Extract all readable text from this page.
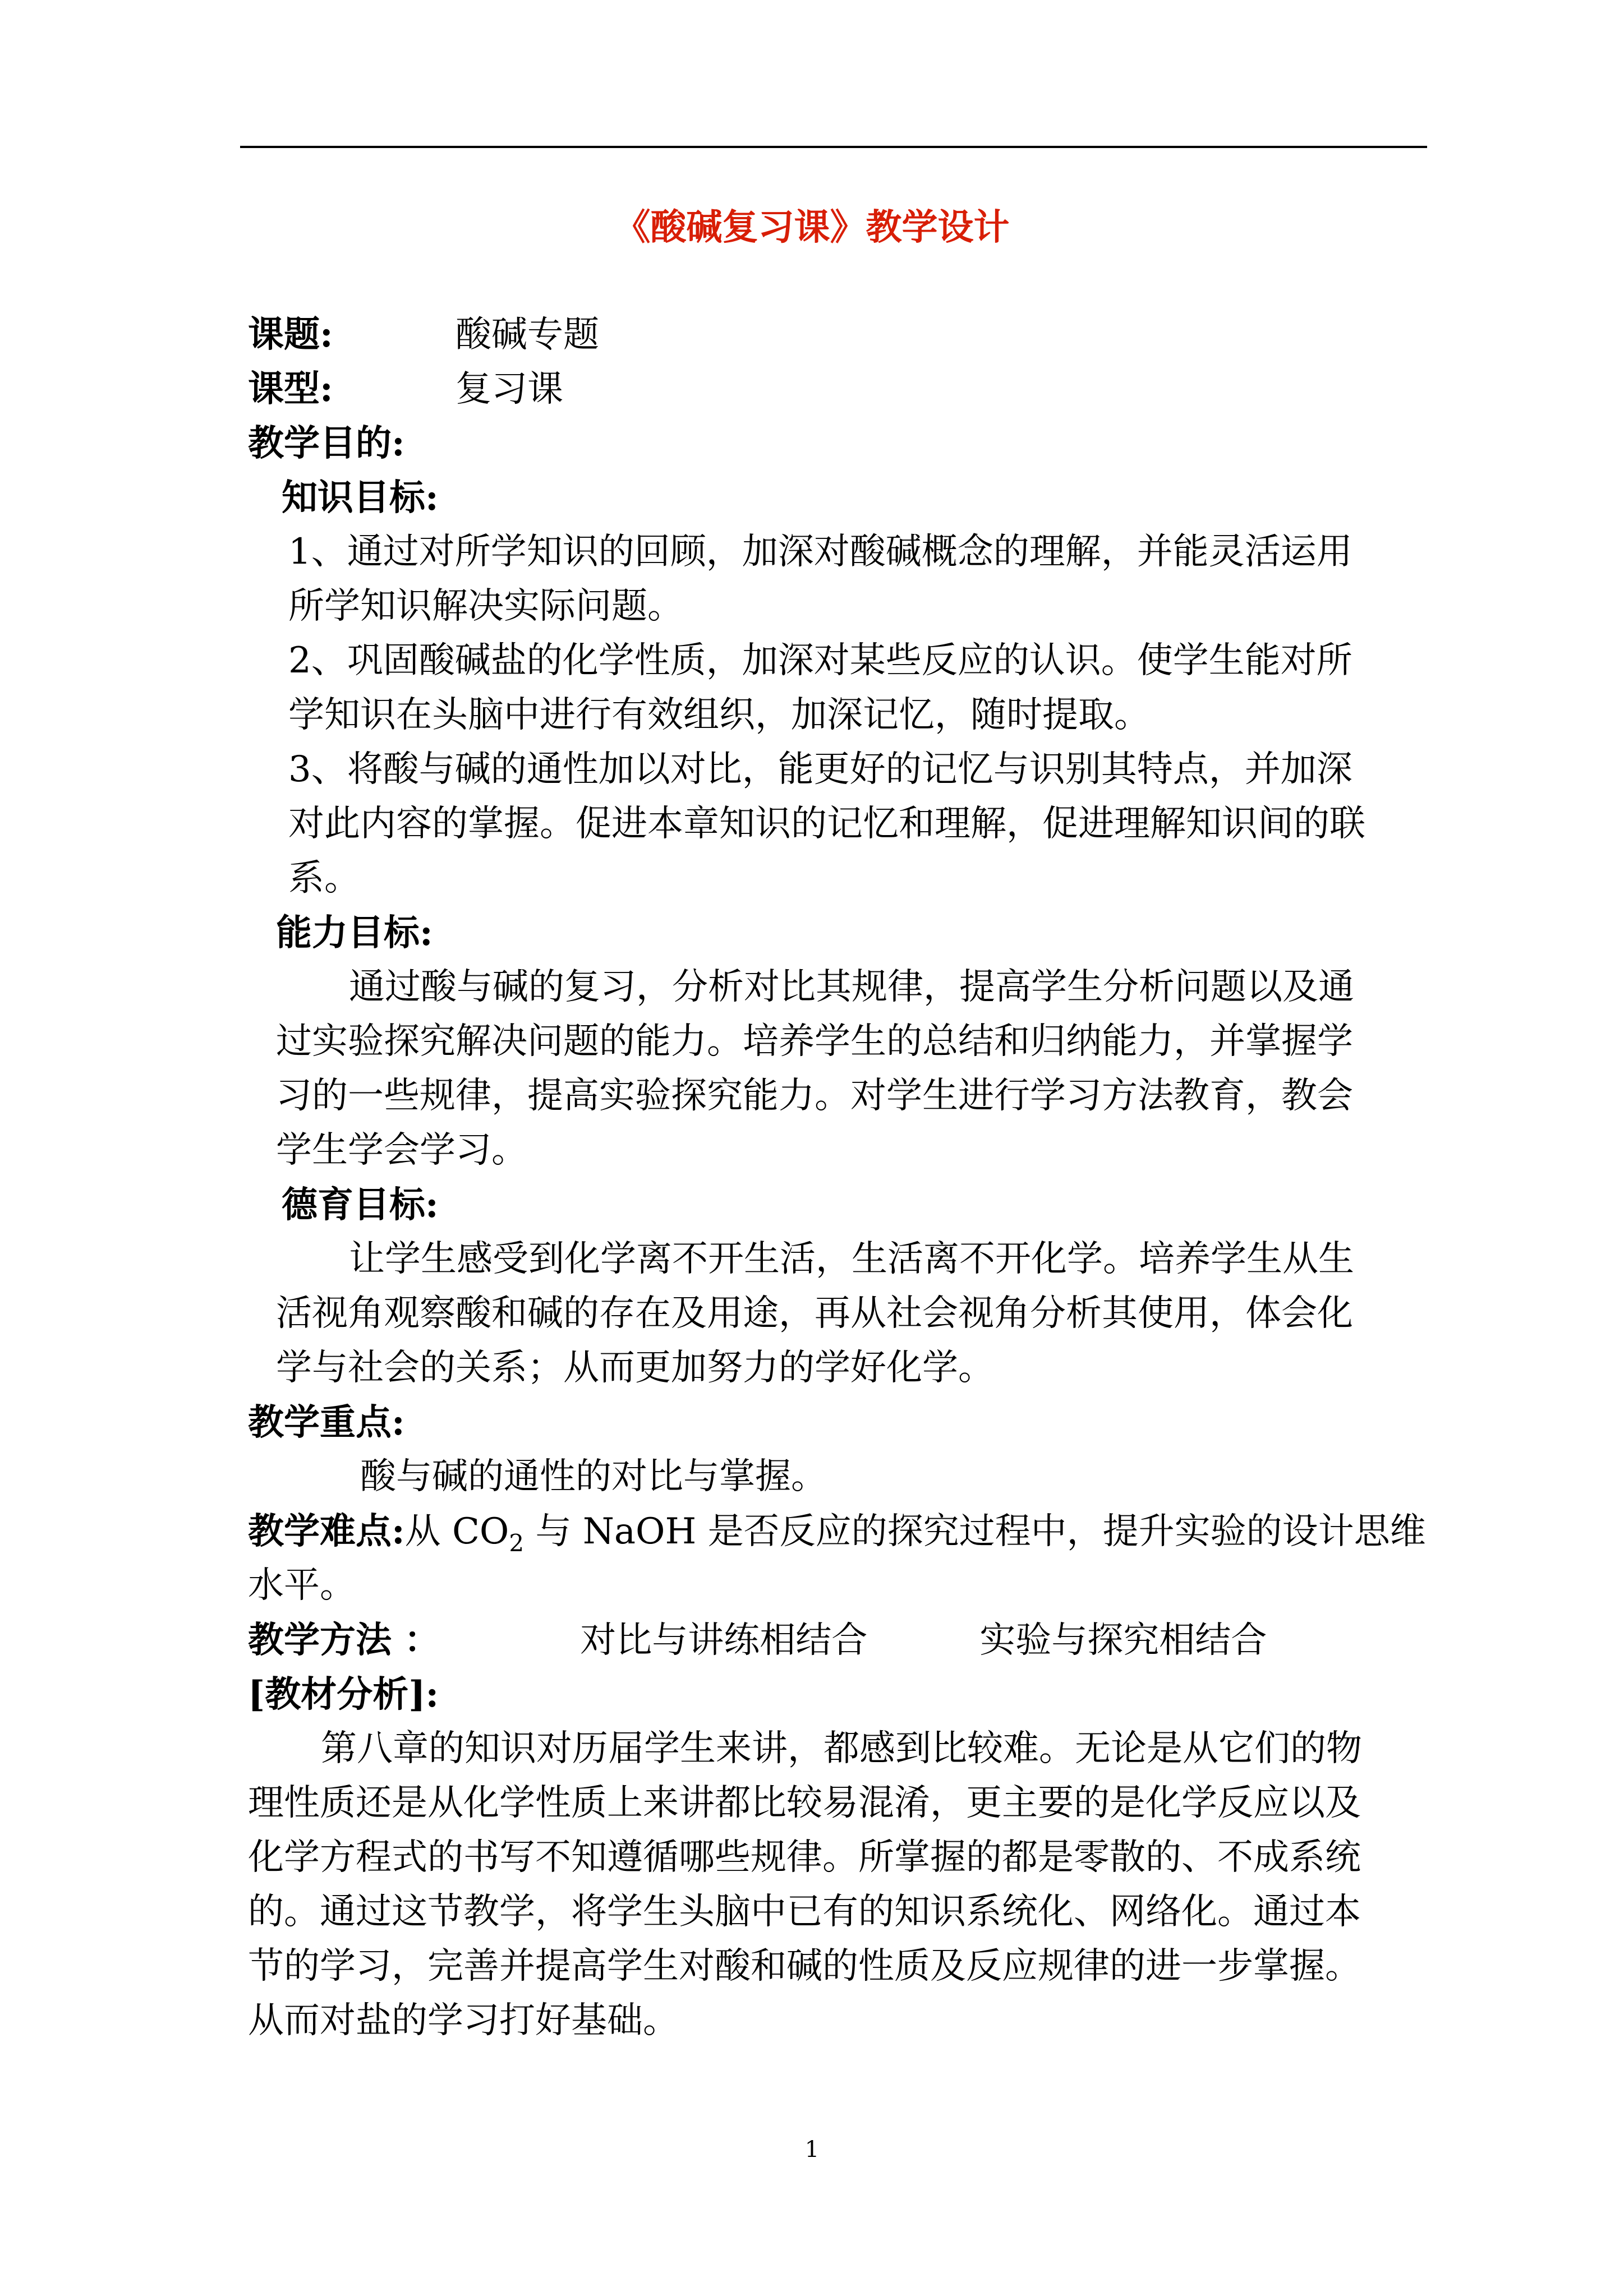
《酸碱复习课》教学设计
课题:	酸碱专题
课型:	复习课
教学目的:
知识目标:
1、通过对所学知识的回顾，加深对酸碱概念的理解，并能灵活运用
所学知识解决实际问题。
2、巩固酸碱盐的化学性质，加深对某些反应的认识。使学生能对所
学知识在头脑中进行有效组织，加深记忆，随时提取。
3、将酸与碱的通性加以对比，能更好的记忆与识别其特点，并加深
对此内容的掌握。促进本章知识的记忆和理解，促进理解知识间的联
系。
能力目标:
通过酸与碱的复习，分析对比其规律，提高学生分析问题以及通
过实验探究解决问题的能力。培养学生的总结和归纳能力，并掌握学
习的一些规律，提高实验探究能力。对学生进行学习方法教育，教会
学生学会学习。
德育目标:
让学生感受到化学离不开生活，生活离不开化学。培养学生从生
活视角观察酸和碱的存在及用途，再从社会视角分析其使用，体会化
学与社会的关系；从而更加努力的学好化学。
教学重点:
酸与碱的通性的对比与掌握。
教学难点:从 $CO_2$ 与 NaOH 是否反应的探究过程中，提升实验的设计思维
水平。
教学方法 ：	对比与讲练相结合	实验与探究相结合
[教材分析]:
第八章的知识对历届学生来讲，都感到比较难。无论是从它们的物
理性质还是从化学性质上来讲都比较易混淆，更主要的是化学反应以及
化学方程式的书写不知遵循哪些规律。所掌握的都是零散的、不成系统
的。通过这节教学，将学生头脑中已有的知识系统化、网络化。通过本
节的学习，完善并提高学生对酸和碱的性质及反应规律的进一步掌握。
从而对盐的学习打好基础。
1
